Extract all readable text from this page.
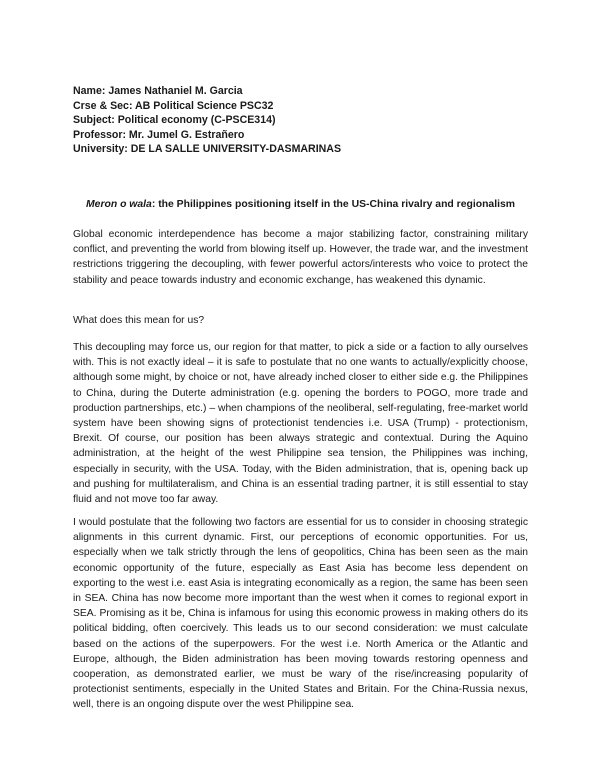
Name: James Nathaniel M. Garcia
Crse & Sec: AB Political Science PSC32
Subject: Political economy (C-PSCE314)
Professor: Mr. Jumel G. Estrañero
University: DE LA SALLE UNIVERSITY-DASMARINAS
Meron o wala: the Philippines positioning itself in the US-China rivalry and regionalism

Global economic interdependence has become a major stabilizing factor, constraining military conflict, and preventing the world from blowing itself up. However, the trade war, and the investment restrictions triggering the decoupling, with fewer powerful actors/interests who voice to protect the stability and peace towards industry and economic exchange, has weakened this dynamic.

What does this mean for us?

This decoupling may force us, our region for that matter, to pick a side or a faction to ally ourselves with. This is not exactly ideal – it is safe to postulate that no one wants to actually/explicitly choose, although some might, by choice or not, have already inched closer to either side e.g. the Philippines to China, during the Duterte administration (e.g. opening the borders to POGO, more trade and production partnerships, etc.) – when champions of the neoliberal, self-regulating, free-market world system have been showing signs of protectionist tendencies i.e. USA (Trump) - protectionism, Brexit. Of course, our position has been always strategic and contextual. During the Aquino administration, at the height of the west Philippine sea tension, the Philippines was inching, especially in security, with the USA. Today, with the Biden administration, that is, opening back up and pushing for multilateralism, and China is an essential trading partner, it is still essential to stay fluid and not move too far away.

I would postulate that the following two factors are essential for us to consider in choosing strategic alignments in this current dynamic. First, our perceptions of economic opportunities. For us, especially when we talk strictly through the lens of geopolitics, China has been seen as the main economic opportunity of the future, especially as East Asia has become less dependent on exporting to the west i.e. east Asia is integrating economically as a region, the same has been seen in SEA. China has now become more important than the west when it comes to regional export in SEA. Promising as it be, China is infamous for using this economic prowess in making others do its political bidding, often coercively. This leads us to our second consideration: we must calculate based on the actions of the superpowers. For the west i.e. North America or the Atlantic and Europe, although, the Biden administration has been moving towards restoring openness and cooperation, as demonstrated earlier, we must be wary of the rise/increasing popularity of protectionist sentiments, especially in the United States and Britain. For the China-Russia nexus, well, there is an ongoing dispute over the west Philippine sea.
